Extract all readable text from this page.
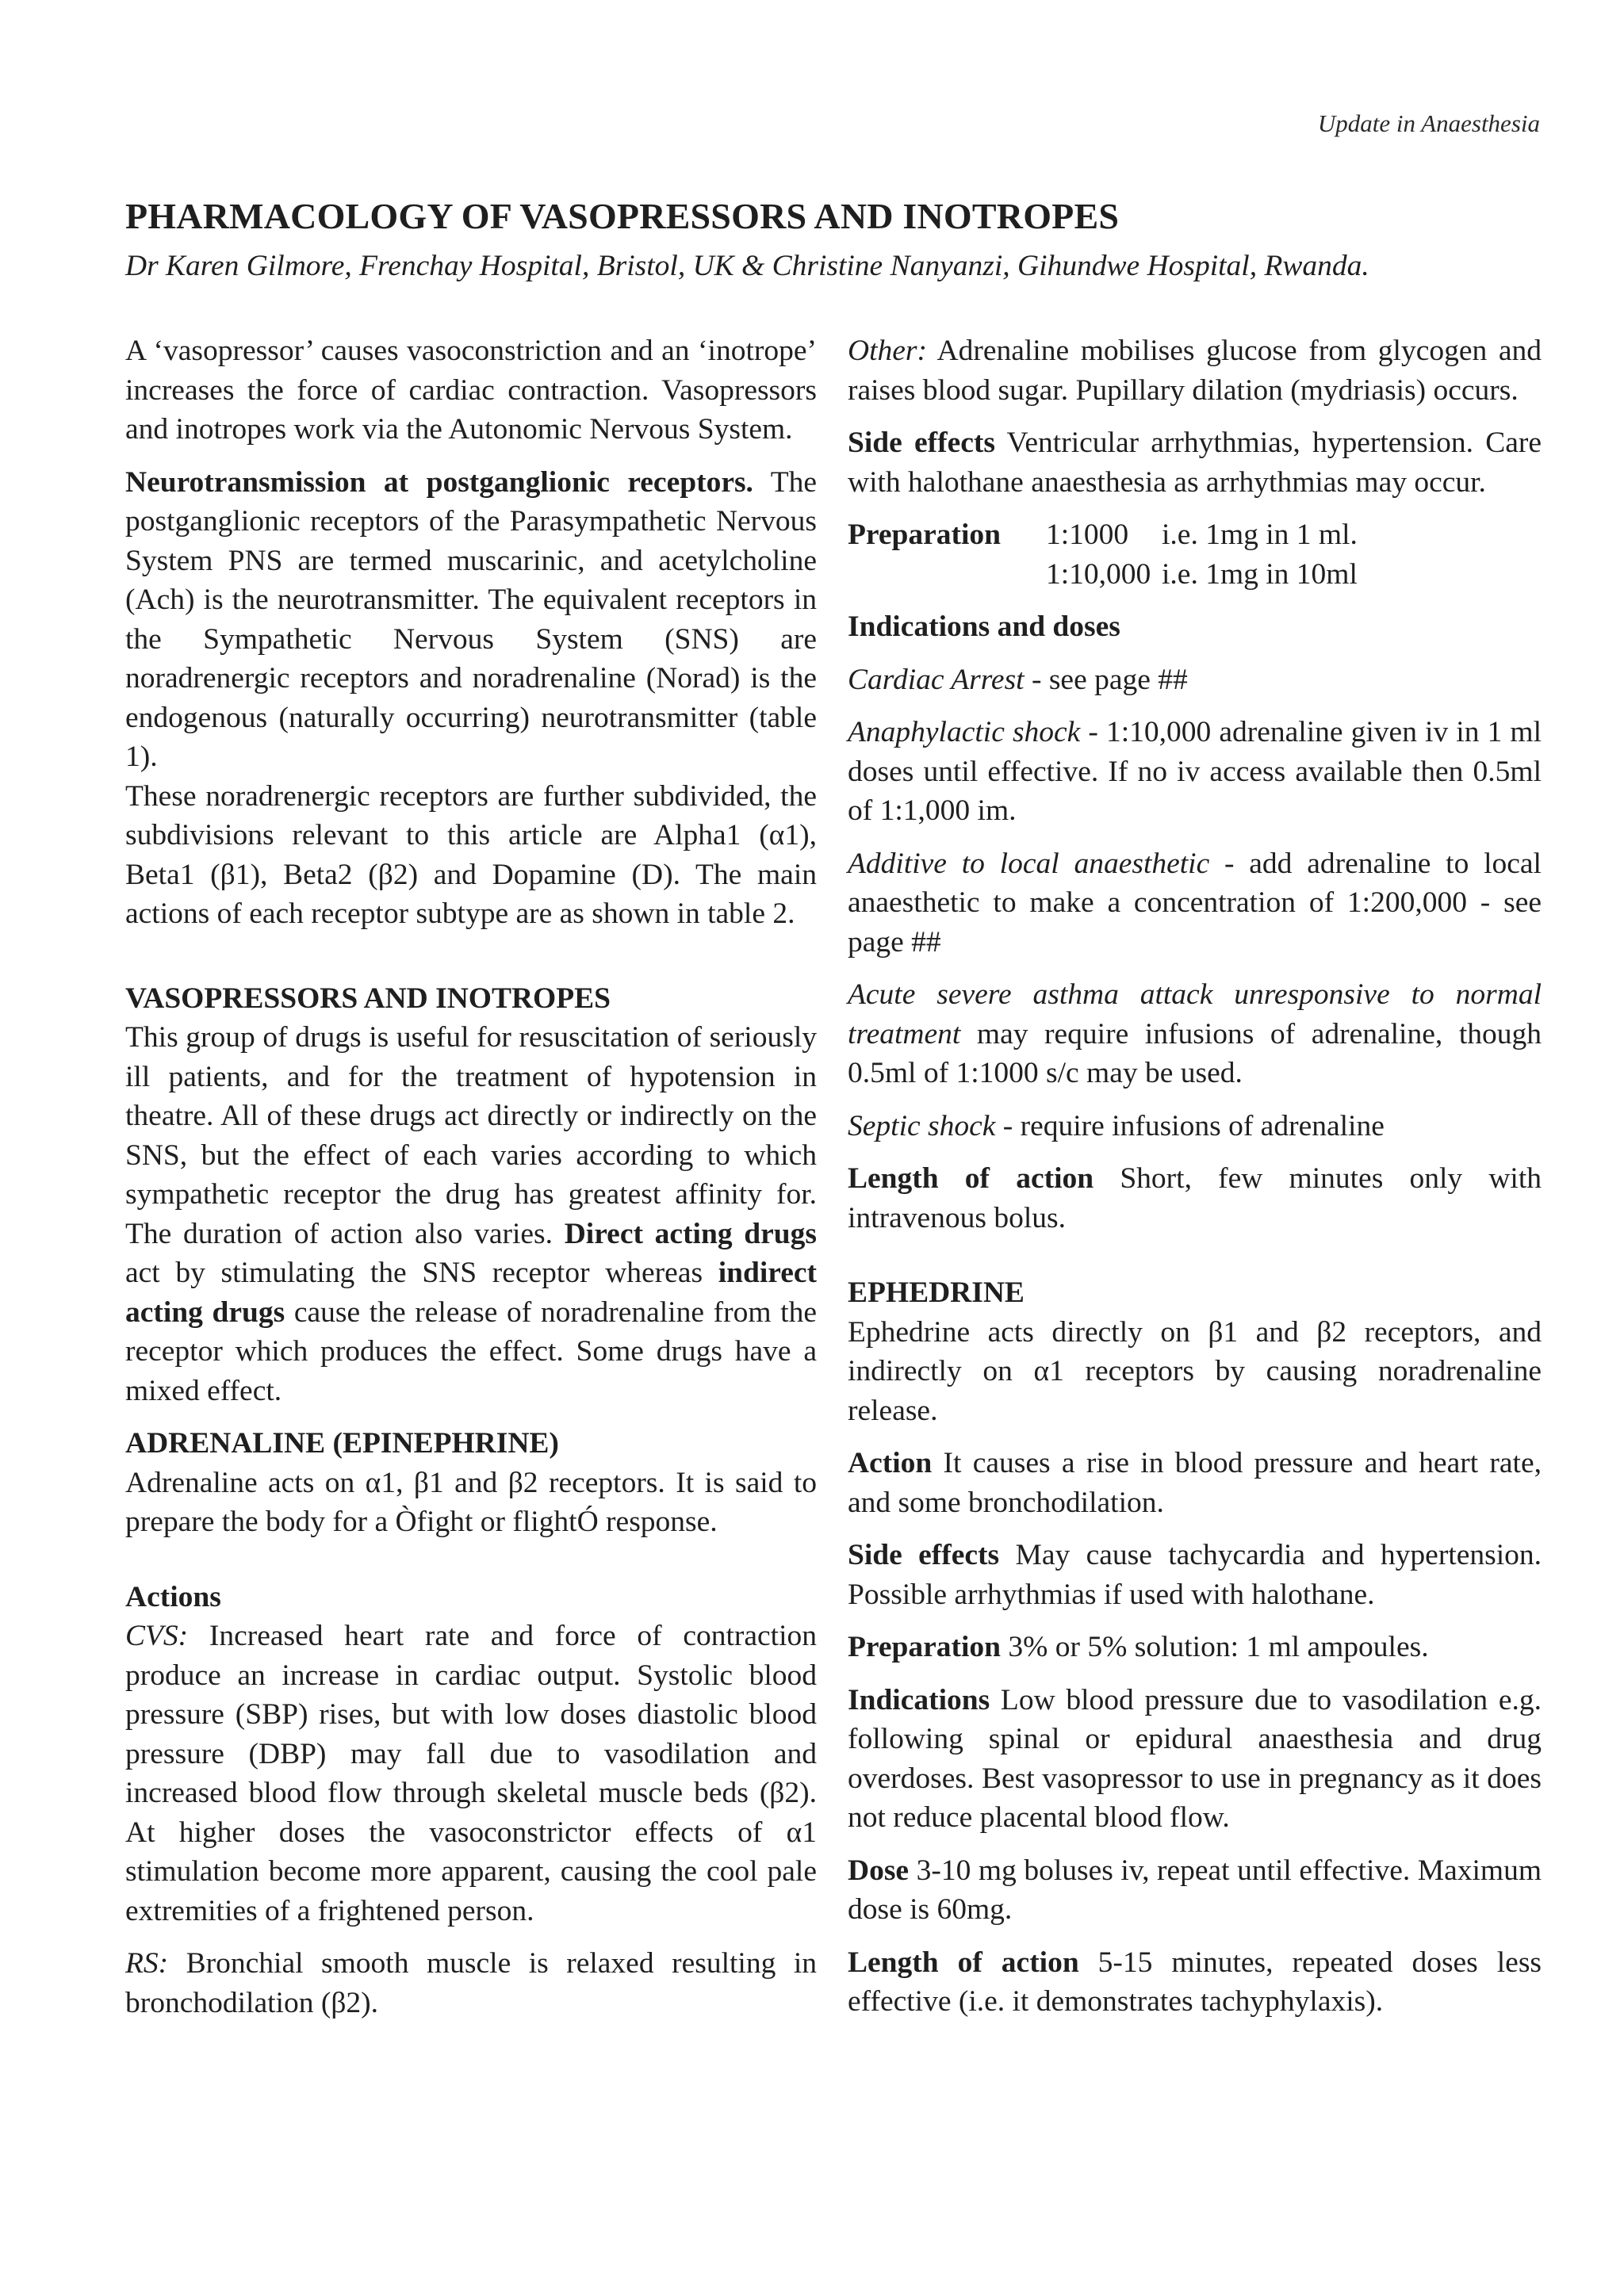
Update in Anaesthesia
PHARMACOLOGY OF VASOPRESSORS AND INOTROPES
Dr Karen Gilmore, Frenchay Hospital, Bristol, UK & Christine Nanyanzi, Gihundwe Hospital, Rwanda.

A ‘vasopressor’ causes vasoconstriction and an ‘inotrope’ increases the force of cardiac contraction. Vasopressors and inotropes work via the Autonomic Nervous System.

Neurotransmission at postganglionic receptors. The postganglionic receptors of the Parasympathetic Nervous System PNS are termed muscarinic, and acetylcholine (Ach) is the neurotransmitter. The equivalent receptors in the Sympathetic Nervous System (SNS) are noradrenergic receptors and noradrenaline (Norad) is the endogenous (naturally occurring) neurotransmitter (table 1).

These noradrenergic receptors are further subdivided, the subdivisions relevant to this article are Alpha1 (α1), Beta1 (β1), Beta2 (β2) and Dopamine (D). The main actions of each receptor subtype are as shown in table 2.

VASOPRESSORS AND INOTROPES

This group of drugs is useful for resuscitation of seriously ill patients, and for the treatment of hypotension in theatre. All of these drugs act directly or indirectly on the SNS, but the effect of each varies according to which sympathetic receptor the drug has greatest affinity for. The duration of action also varies. Direct acting drugs act by stimulating the SNS receptor whereas indirect acting drugs cause the release of noradrenaline from the receptor which produces the effect. Some drugs have a mixed effect.

ADRENALINE (EPINEPHRINE)

Adrenaline acts on α1, β1 and β2 receptors. It is said to prepare the body for a Òfight or flightÓ response.

Actions

CVS: Increased heart rate and force of contraction produce an increase in cardiac output. Systolic blood pressure (SBP) rises, but with low doses diastolic blood pressure (DBP) may fall due to vasodilation and increased blood flow through skeletal muscle beds (β2). At higher doses the vasoconstrictor effects of α1 stimulation become more apparent, causing the cool pale extremities of a frightened person.

RS: Bronchial smooth muscle is relaxed resulting in bronchodilation (β2).

Other: Adrenaline mobilises glucose from glycogen and raises blood sugar. Pupillary dilation (mydriasis) occurs.

Side effects Ventricular arrhythmias, hypertension. Care with halothane anaesthesia as arrhythmias may occur.

Preparation	1:1000	i.e. 1mg in 1 ml.
1:10,000 i.e. 1mg in 10ml
Indications and doses

Cardiac Arrest - see page ##

Anaphylactic shock - 1:10,000 adrenaline given iv in 1 ml doses until effective. If no iv access available then 0.5ml of 1:1,000 im.

Additive to local anaesthetic - add adrenaline to local anaesthetic to make a concentration of 1:200,000 - see page ##

Acute severe asthma attack unresponsive to normal treatment may require infusions of adrenaline, though 0.5ml of 1:1000 s/c may be used.

Septic shock - require infusions of adrenaline

Length of action Short, few minutes only with intravenous bolus.

EPHEDRINE

Ephedrine acts directly on β1 and β2 receptors, and indirectly on α1 receptors by causing noradrenaline release.

Action It causes a rise in blood pressure and heart rate, and some bronchodilation.

Side effects May cause tachycardia and hypertension. Possible arrhythmias if used with halothane.

Preparation 3% or 5% solution: 1 ml ampoules.

Indications Low blood pressure due to vasodilation e.g. following spinal or epidural anaesthesia and drug overdoses. Best vasopressor to use in pregnancy as it does not reduce placental blood flow.

Dose 3-10 mg boluses iv, repeat until effective. Maximum dose is 60mg.

Length of action 5-15 minutes, repeated doses less effective (i.e. it demonstrates tachyphylaxis).
